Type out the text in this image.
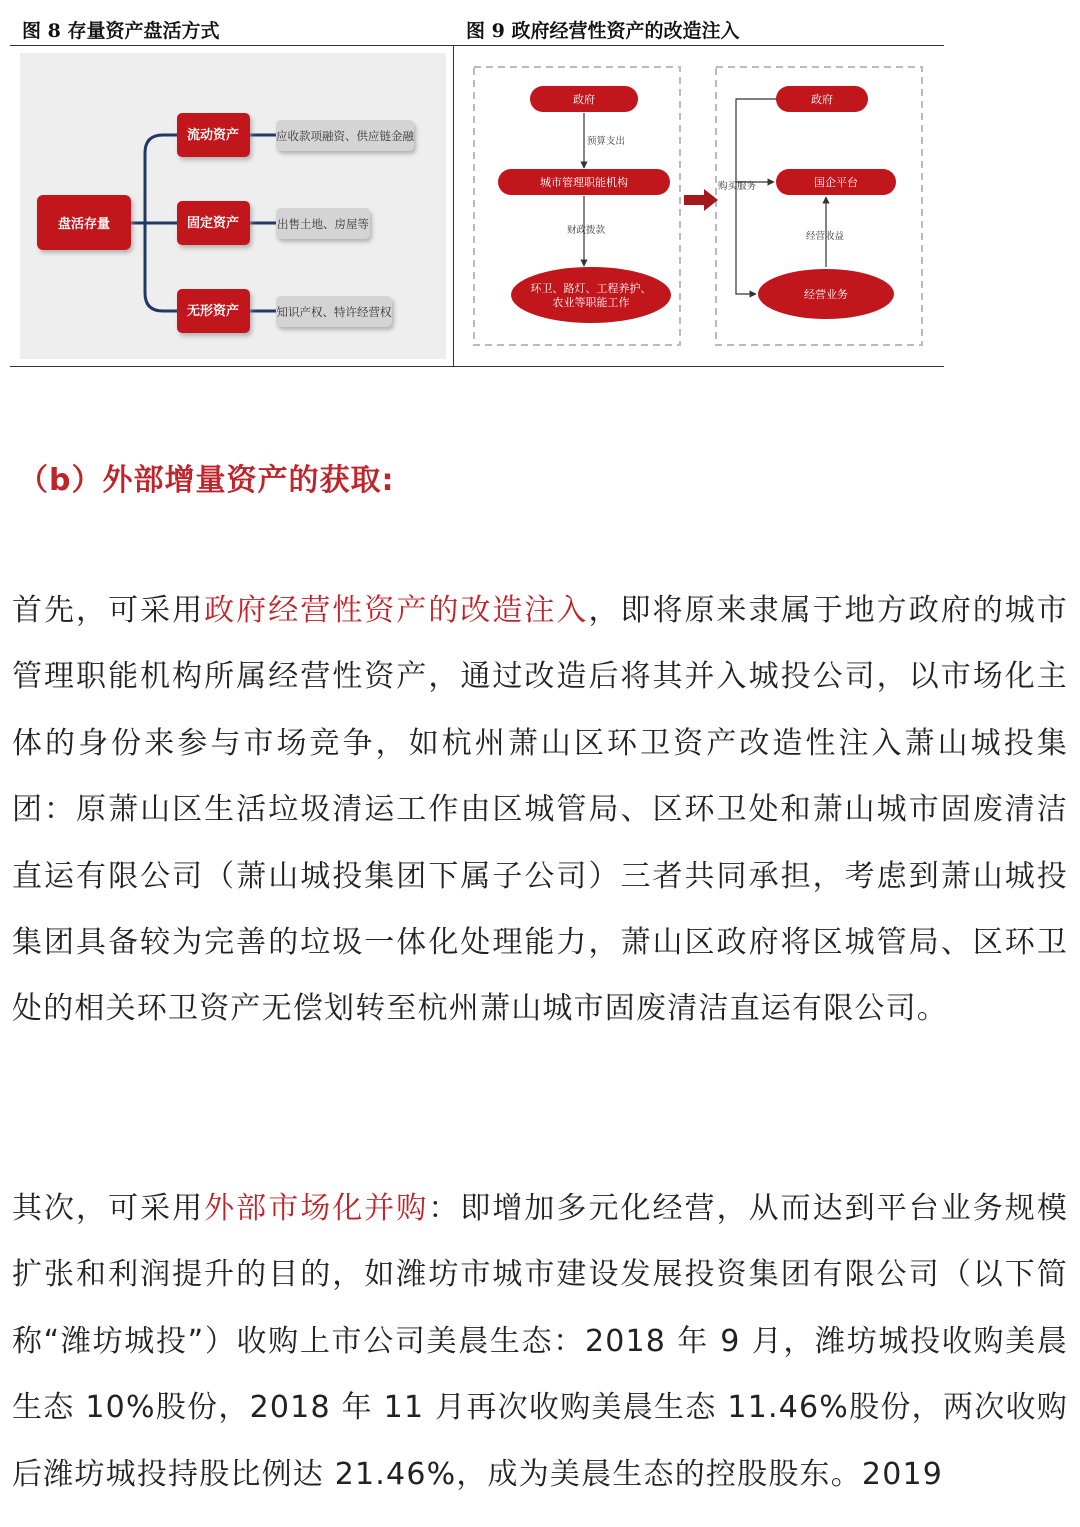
图 8 存量资产盘活方式	图 9 政府经营性资产的改造注入
盘活存量
流动资产
固定资产
无形资产
应收款项融资、供应链金融
出售土地、房屋等
知识产权、特许经营权
政府
预算支出
城市管理职能机构
财政拨款
环卫、路灯、工程养护、
农业等职能工作
政府
国企平台
经营业务
购买服务
经营收益
（b）外部增量资产的获取:
首先，可采用政府经营性资产的改造注入，即将原来隶属于地方政府的城市管理职能机构所属经营性资产，通过改造后将其并入城投公司，以市场化主体的身份来参与市场竞争，如杭州萧山区环卫资产改造性注入萧山城投集团：原萧山区生活垃圾清运工作由区城管局、区环卫处和萧山城市固废清洁直运有限公司（萧山城投集团下属子公司）三者共同承担，考虑到萧山城投集团具备较为完善的垃圾一体化处理能力，萧山区政府将区城管局、区环卫处的相关环卫资产无偿划转至杭州萧山城市固废清洁直运有限公司。
其次，可采用外部市场化并购：即增加多元化经营，从而达到平台业务规模扩张和利润提升的目的，如潍坊市城市建设发展投资集团有限公司（以下简称“潍坊城投”）收购上市公司美晨生态：2018 年 9 月，潍坊城投收购美晨生态 10%股份，2018 年 11 月再次收购美晨生态 11.46%股份，两次收购后潍坊城投持股比例达 21.46%，成为美晨生态的控股股东。2019
